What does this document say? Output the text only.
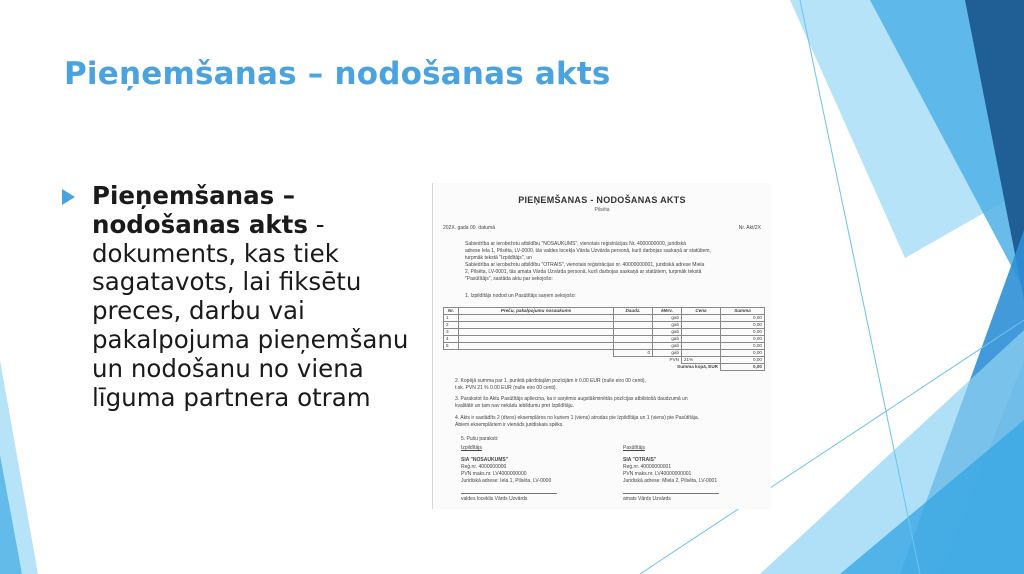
Pieņemšanas – nodošanas akts
Pieņemšanas – nodošanas akts - dokuments, kas tiek sagatavots, lai fiksētu preces, darbu vai pakalpojuma pieņemšanu un nodošanu no viena līguma partnera otram
PIEŅEMŠANAS - NODOŠANAS AKTS
Pilsēta
202X. gada 00. datumā	Nr. Akt/2X
Sabiedrība ar ierobežotu atbildību "NOSAUKUMS", vienotais reģistrācijas Nr. 4000000000, juridiskā
adrese Iela 1, Pilsēta, LV-0000, tās valdes locekļa Vārda Uzvārda personā, kurš darbojas saskaņā ar statūtiem,
turpmāk tekstā "Izpildītājs", un
Sabiedrība ar ierobežotu atbildību "OTRAIS", vienotais reģistrācijas nr. 40000000001, juridiskā adrese Miela
2, Pilsēta, LV-0001, tās amata Vārda Uzvārda personā, kurš darbojas saskaņā ar statūtiem, turpmāk tekstā
"Pasūtītājs", sastāda aktu par sekojošo:
1. Izpildītājs nodod un Pasūtītājs saņem sekojošo:
Nr.	Preču, pakalpojumu nosaukums	Daudz.	Mērv.	Cena	Summa
1			gab		0,00
2			gab		0,00
3			gab		0,00
4			gab		0,00
5			gab		0,00
		0	gab		0,00
			PVN	21%	0,00
			Summa kopā, EUR		0,00
2. Kopējā summa par 1. punktā pārdotajām pozīcijām ir 0.00 EUR (nulle eiro 00 centi),
t.sk. PVN 21 % 0.00 EUR (nulle eiro 00 centi).
3. Parakstot šo Aktu Pasūtītājs apliecina, ka ir saņēmis augstākminētās pozīcijas atbilstošā daudzumā un
kvalitātē un tam nav nekādu iebildumu pret Izpildītāju.
4. Akts ir sastādīts 2 (divos) eksemplāros no kuriem 1 (viens) atrodas pie Izpildītāja un 1 (viens) pie Pasūtītāja.
Abiem eksemplāriem ir vienāds juridiskais spēks.
5. Pušu paraksti:
Izpildītājs	Pasūtītājs
SIA "NOSAUKUMS"
Reģ.nr. 4000000000
PVN maks.nr. LV4000000000
Juridiskā adrese: Iela 1, Pilsēta, LV-0000
valdes loceklis Vārds Uzvārds
SIA "OTRAIS"
Reģ.nr. 40000000001
PVN maks.nr. LV40000000001
Juridiskā adrese: Miela 2, Pilsēta, LV-0001
amats Vārds Uzvārds
